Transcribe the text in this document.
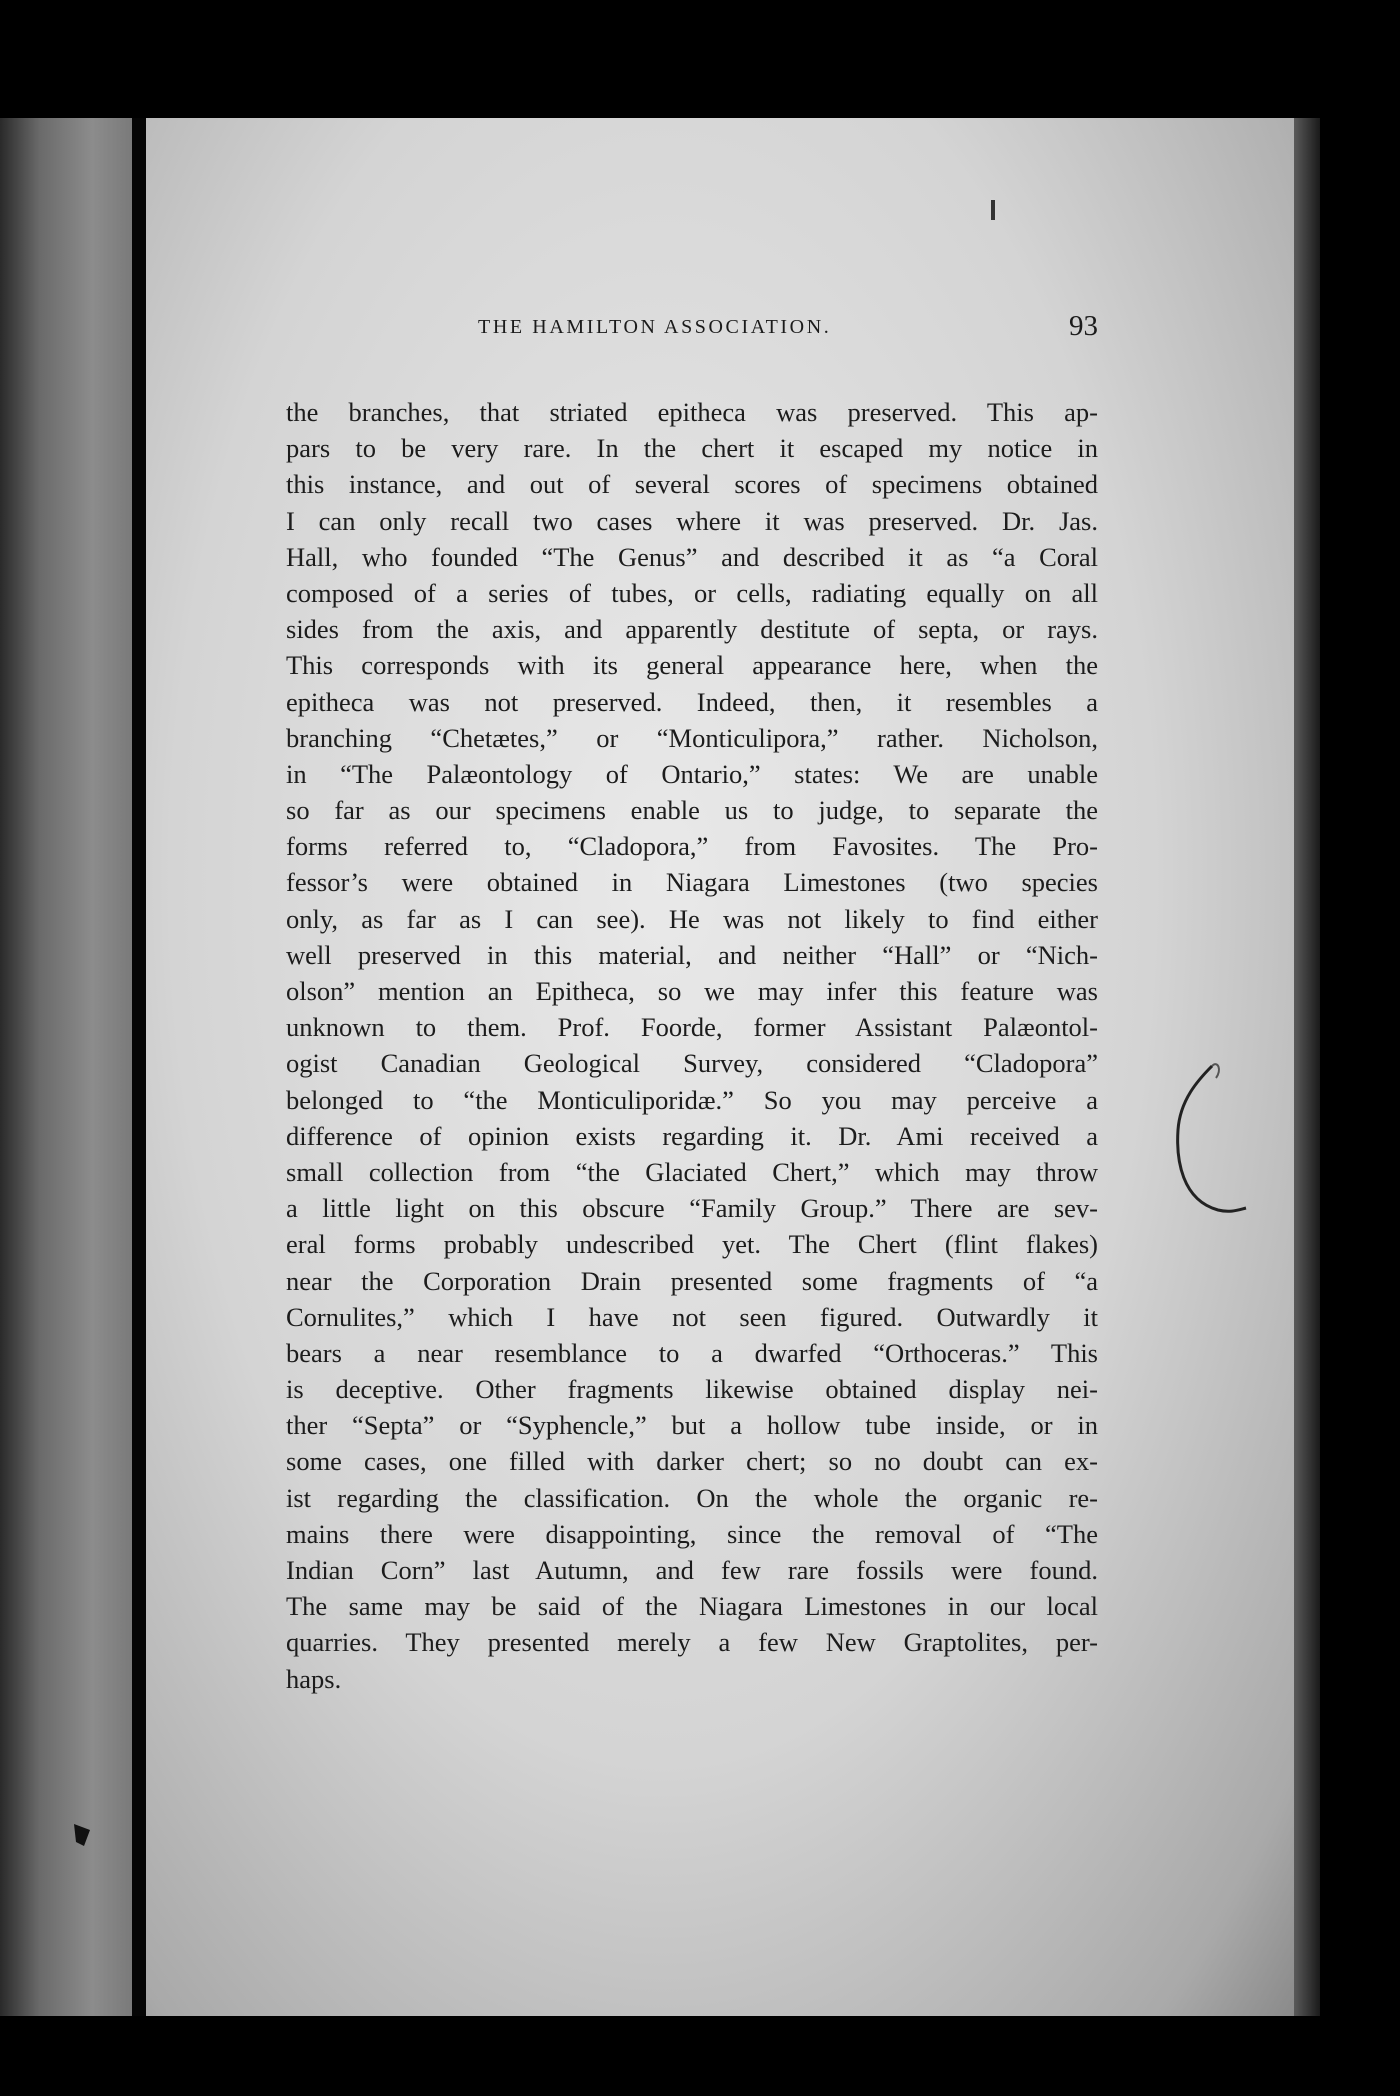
THE HAMILTON ASSOCIATION.	93
the branches, that striated epitheca was preserved. This ap-
pars to be very rare. In the chert it escaped my notice in
this instance, and out of several scores of specimens obtained
I can only recall two cases where it was preserved. Dr. Jas.
Hall, who founded “The Genus” and described it as “a Coral
composed of a series of tubes, or cells, radiating equally on all
sides from the axis, and apparently destitute of septa, or rays.
This corresponds with its general appearance here, when the
epitheca was not preserved. Indeed, then, it resembles a
branching “Chetætes,” or “Monticulipora,” rather. Nicholson,
in “The Palæontology of Ontario,” states: We are unable
so far as our specimens enable us to judge, to separate the
forms referred to, “Cladopora,” from Favosites. The Pro-
fessor’s were obtained in Niagara Limestones (two species
only, as far as I can see). He was not likely to find either
well preserved in this material, and neither “Hall” or “Nich-
olson” mention an Epitheca, so we may infer this feature was
unknown to them. Prof. Foorde, former Assistant Palæontol-
ogist Canadian Geological Survey, considered “Cladopora”
belonged to “the Monticuliporidæ.” So you may perceive a
difference of opinion exists regarding it. Dr. Ami received a
small collection from “the Glaciated Chert,” which may throw
a little light on this obscure “Family Group.” There are sev-
eral forms probably undescribed yet. The Chert (flint flakes)
near the Corporation Drain presented some fragments of “a
Cornulites,” which I have not seen figured. Outwardly it
bears a near resemblance to a dwarfed “Orthoceras.” This
is deceptive. Other fragments likewise obtained display nei-
ther “Septa” or “Syphencle,” but a hollow tube inside, or in
some cases, one filled with darker chert; so no doubt can ex-
ist regarding the classification. On the whole the organic re-
mains there were disappointing, since the removal of “The
Indian Corn” last Autumn, and few rare fossils were found.
The same may be said of the Niagara Limestones in our local
quarries. They presented merely a few New Graptolites, per-
haps.
